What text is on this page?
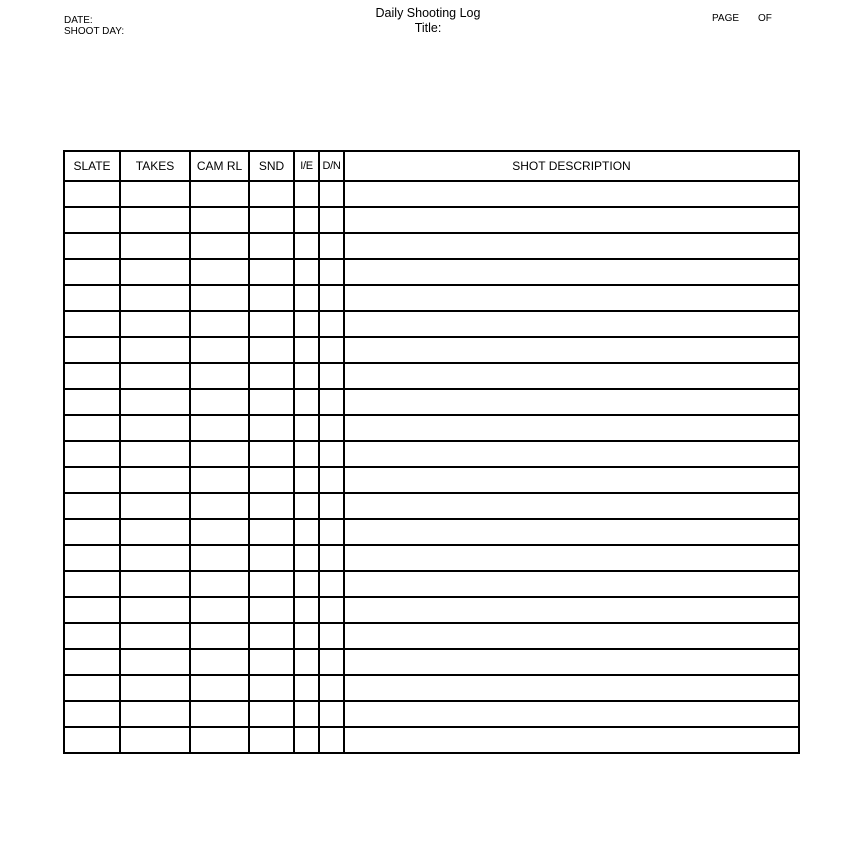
DATE:
SHOOT DAY:
Daily Shooting Log
Title:
PAGE OF
SLATE	TAKES	CAM RL	SND	I/E	D/N	SHOT DESCRIPTION
